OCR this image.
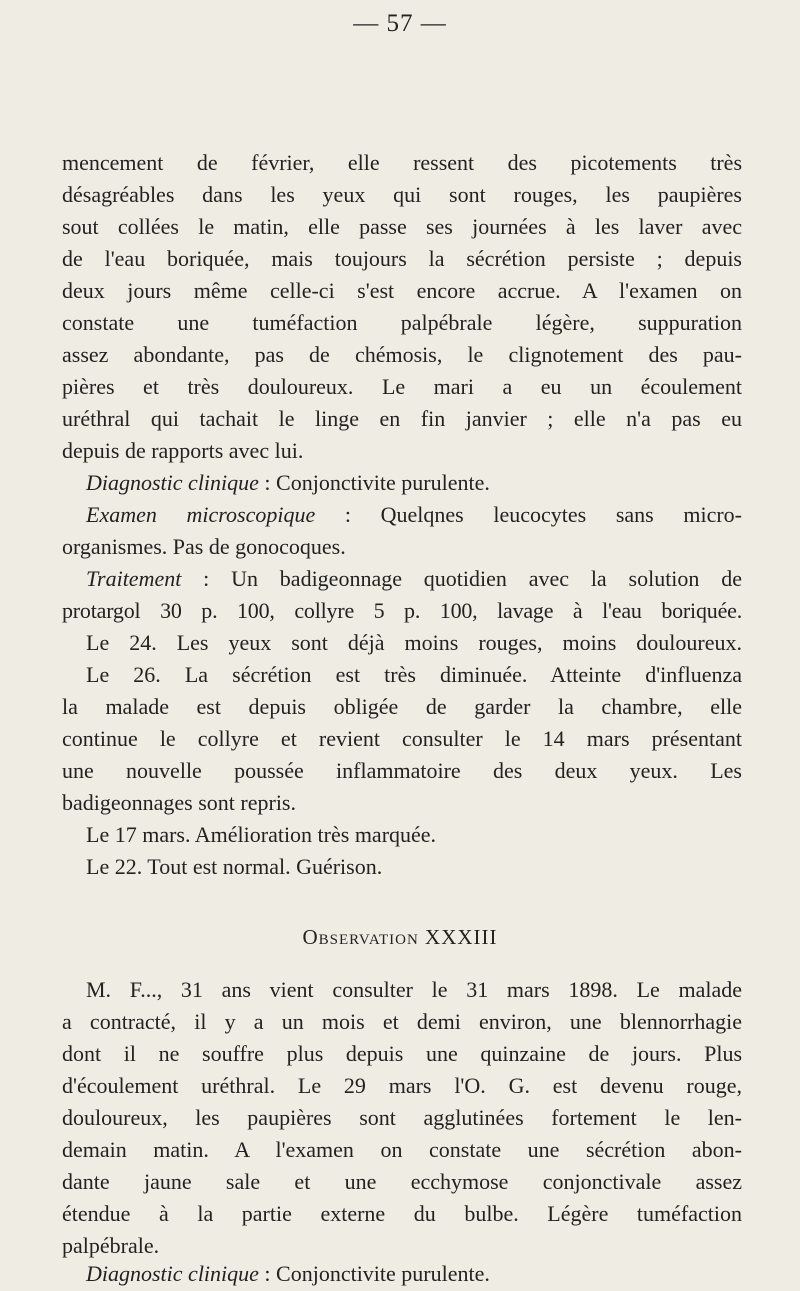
— 57 —
mencement de février, elle ressent des picotements très
désagréables dans les yeux qui sont rouges, les paupières
sout collées le matin, elle passe ses journées à les laver avec
de l'eau boriquée, mais toujours la sécrétion persiste ; depuis
deux jours même celle-ci s'est encore accrue. A l'examen on
constate une tuméfaction palpébrale légère, suppuration
assez abondante, pas de chémosis, le clignotement des pau-
pières et très douloureux. Le mari a eu un écoulement
uréthral qui tachait le linge en fin janvier ; elle n'a pas eu
depuis de rapports avec lui.
Diagnostic clinique : Conjonctivite purulente.
Examen microscopique : Quelqnes leucocytes sans micro-
organismes. Pas de gonocoques.
Traitement : Un badigeonnage quotidien avec la solution de
protargol 30 p. 100, collyre 5 p. 100, lavage à l'eau boriquée.
Le 24. Les yeux sont déjà moins rouges, moins douloureux.
Le 26. La sécrétion est très diminuée. Atteinte d'influenza
la malade est depuis obligée de garder la chambre, elle
continue le collyre et revient consulter le 14 mars présentant
une nouvelle poussée inflammatoire des deux yeux. Les
badigeonnages sont repris.
Le 17 mars. Amélioration très marquée.
Le 22. Tout est normal. Guérison.
Observation XXXIII
M. F..., 31 ans vient consulter le 31 mars 1898. Le malade
a contracté, il y a un mois et demi environ, une blennorrhagie
dont il ne souffre plus depuis une quinzaine de jours. Plus
d'écoulement uréthral. Le 29 mars l'O. G. est devenu rouge,
douloureux, les paupières sont agglutinées fortement le len-
demain matin. A l'examen on constate une sécrétion abon-
dante jaune sale et une ecchymose conjonctivale assez
étendue à la partie externe du bulbe. Légère tuméfaction
palpébrale.
Diagnostic clinique : Conjonctivite purulente.
